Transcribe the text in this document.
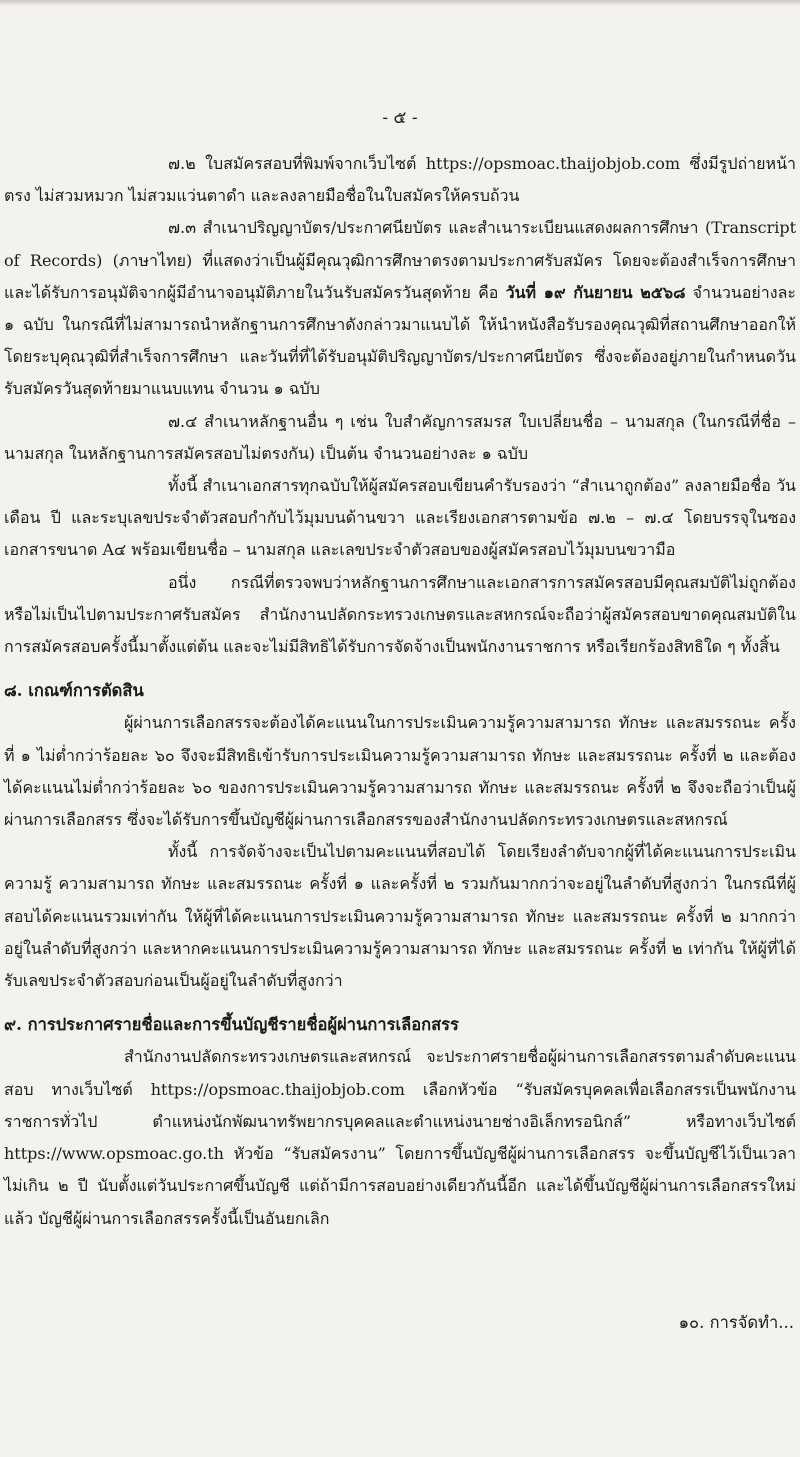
- ๕ -

๗.๒ ใบสมัครสอบที่พิมพ์จากเว็บไซต์ https://opsmoac.thaijobjob.com ซึ่งมีรูปถ่ายหน้าตรง ไม่สวมหมวก ไม่สวมแว่นตาดำ และลงลายมือชื่อในใบสมัครให้ครบถ้วน

๗.๓ สำเนาปริญญาบัตร/ประกาศนียบัตร และสำเนาระเบียนแสดงผลการศึกษา (Transcript of Records) (ภาษาไทย) ที่แสดงว่าเป็นผู้มีคุณวุฒิการศึกษาตรงตามประกาศรับสมัคร โดยจะต้องสำเร็จการศึกษาและได้รับการอนุมัติจากผู้มีอำนาจอนุมัติภายในวันรับสมัครวันสุดท้าย คือ วันที่ ๑๙ กันยายน ๒๕๖๘ จำนวนอย่างละ ๑ ฉบับ ในกรณีที่ไม่สามารถนำหลักฐานการศึกษาดังกล่าวมาแนบได้ ให้นำหนังสือรับรองคุณวุฒิที่สถานศึกษาออกให้ โดยระบุคุณวุฒิที่สำเร็จการศึกษา และวันที่ที่ได้รับอนุมัติปริญญาบัตร/ประกาศนียบัตร ซึ่งจะต้องอยู่ภายในกำหนดวันรับสมัครวันสุดท้ายมาแนบแทน จำนวน ๑ ฉบับ

๗.๔ สำเนาหลักฐานอื่น ๆ เช่น ใบสำคัญการสมรส ใบเปลี่ยนชื่อ – นามสกุล (ในกรณีที่ชื่อ – นามสกุล ในหลักฐานการสมัครสอบไม่ตรงกัน) เป็นต้น จำนวนอย่างละ ๑ ฉบับ

ทั้งนี้ สำเนาเอกสารทุกฉบับให้ผู้สมัครสอบเขียนคำรับรองว่า “สำเนาถูกต้อง” ลงลายมือชื่อ วัน เดือน ปี และระบุเลขประจำตัวสอบกำกับไว้มุมบนด้านขวา และเรียงเอกสารตามข้อ ๗.๒ – ๗.๔ โดยบรรจุในซองเอกสารขนาด A๔ พร้อมเขียนชื่อ – นามสกุล และเลขประจำตัวสอบของผู้สมัครสอบไว้มุมบนขวามือ

อนึ่ง กรณีที่ตรวจพบว่าหลักฐานการศึกษาและเอกสารการสมัครสอบมีคุณสมบัติไม่ถูกต้อง หรือไม่เป็นไปตามประกาศรับสมัคร สำนักงานปลัดกระทรวงเกษตรและสหกรณ์จะถือว่าผู้สมัครสอบขาดคุณสมบัติในการสมัครสอบครั้งนี้มาตั้งแต่ต้น และจะไม่มีสิทธิได้รับการจัดจ้างเป็นพนักงานราชการ หรือเรียกร้องสิทธิใด ๆ ทั้งสิ้น

๘. เกณฑ์การตัดสิน

ผู้ผ่านการเลือกสรรจะต้องได้คะแนนในการประเมินความรู้ความสามารถ ทักษะ และสมรรถนะ ครั้งที่ ๑ ไม่ต่ำกว่าร้อยละ ๖๐ จึงจะมีสิทธิเข้ารับการประเมินความรู้ความสามารถ ทักษะ และสมรรถนะ ครั้งที่ ๒ และต้องได้คะแนนไม่ต่ำกว่าร้อยละ ๖๐ ของการประเมินความรู้ความสามารถ ทักษะ และสมรรถนะ ครั้งที่ ๒ จึงจะถือว่าเป็นผู้ผ่านการเลือกสรร ซึ่งจะได้รับการขึ้นบัญชีผู้ผ่านการเลือกสรรของสำนักงานปลัดกระทรวงเกษตรและสหกรณ์

ทั้งนี้ การจัดจ้างจะเป็นไปตามคะแนนที่สอบได้ โดยเรียงลำดับจากผู้ที่ได้คะแนนการประเมินความรู้ ความสามารถ ทักษะ และสมรรถนะ ครั้งที่ ๑ และครั้งที่ ๒ รวมกันมากกว่าจะอยู่ในลำดับที่สูงกว่า ในกรณีที่ผู้สอบได้คะแนนรวมเท่ากัน ให้ผู้ที่ได้คะแนนการประเมินความรู้ความสามารถ ทักษะ และสมรรถนะ ครั้งที่ ๒ มากกว่าอยู่ในลำดับที่สูงกว่า และหากคะแนนการประเมินความรู้ความสามารถ ทักษะ และสมรรถนะ ครั้งที่ ๒ เท่ากัน ให้ผู้ที่ได้รับเลขประจำตัวสอบก่อนเป็นผู้อยู่ในลำดับที่สูงกว่า

๙. การประกาศรายชื่อและการขึ้นบัญชีรายชื่อผู้ผ่านการเลือกสรร

สำนักงานปลัดกระทรวงเกษตรและสหกรณ์ จะประกาศรายชื่อผู้ผ่านการเลือกสรรตามลำดับคะแนนสอบ ทางเว็บไซต์ https://opsmoac.thaijobjob.com เลือกหัวข้อ “รับสมัครบุคคลเพื่อเลือกสรรเป็นพนักงานราชการทั่วไป ตำแหน่งนักพัฒนาทรัพยากรบุคคลและตำแหน่งนายช่างอิเล็กทรอนิกส์” หรือทางเว็บไซต์ https://www.opsmoac.go.th หัวข้อ “รับสมัครงาน” โดยการขึ้นบัญชีผู้ผ่านการเลือกสรร จะขึ้นบัญชีไว้เป็นเวลาไม่เกิน ๒ ปี นับตั้งแต่วันประกาศขึ้นบัญชี แต่ถ้ามีการสอบอย่างเดียวกันนี้อีก และได้ขึ้นบัญชีผู้ผ่านการเลือกสรรใหม่แล้ว บัญชีผู้ผ่านการเลือกสรรครั้งนี้เป็นอันยกเลิก

๑๐. การจัดทำ...
